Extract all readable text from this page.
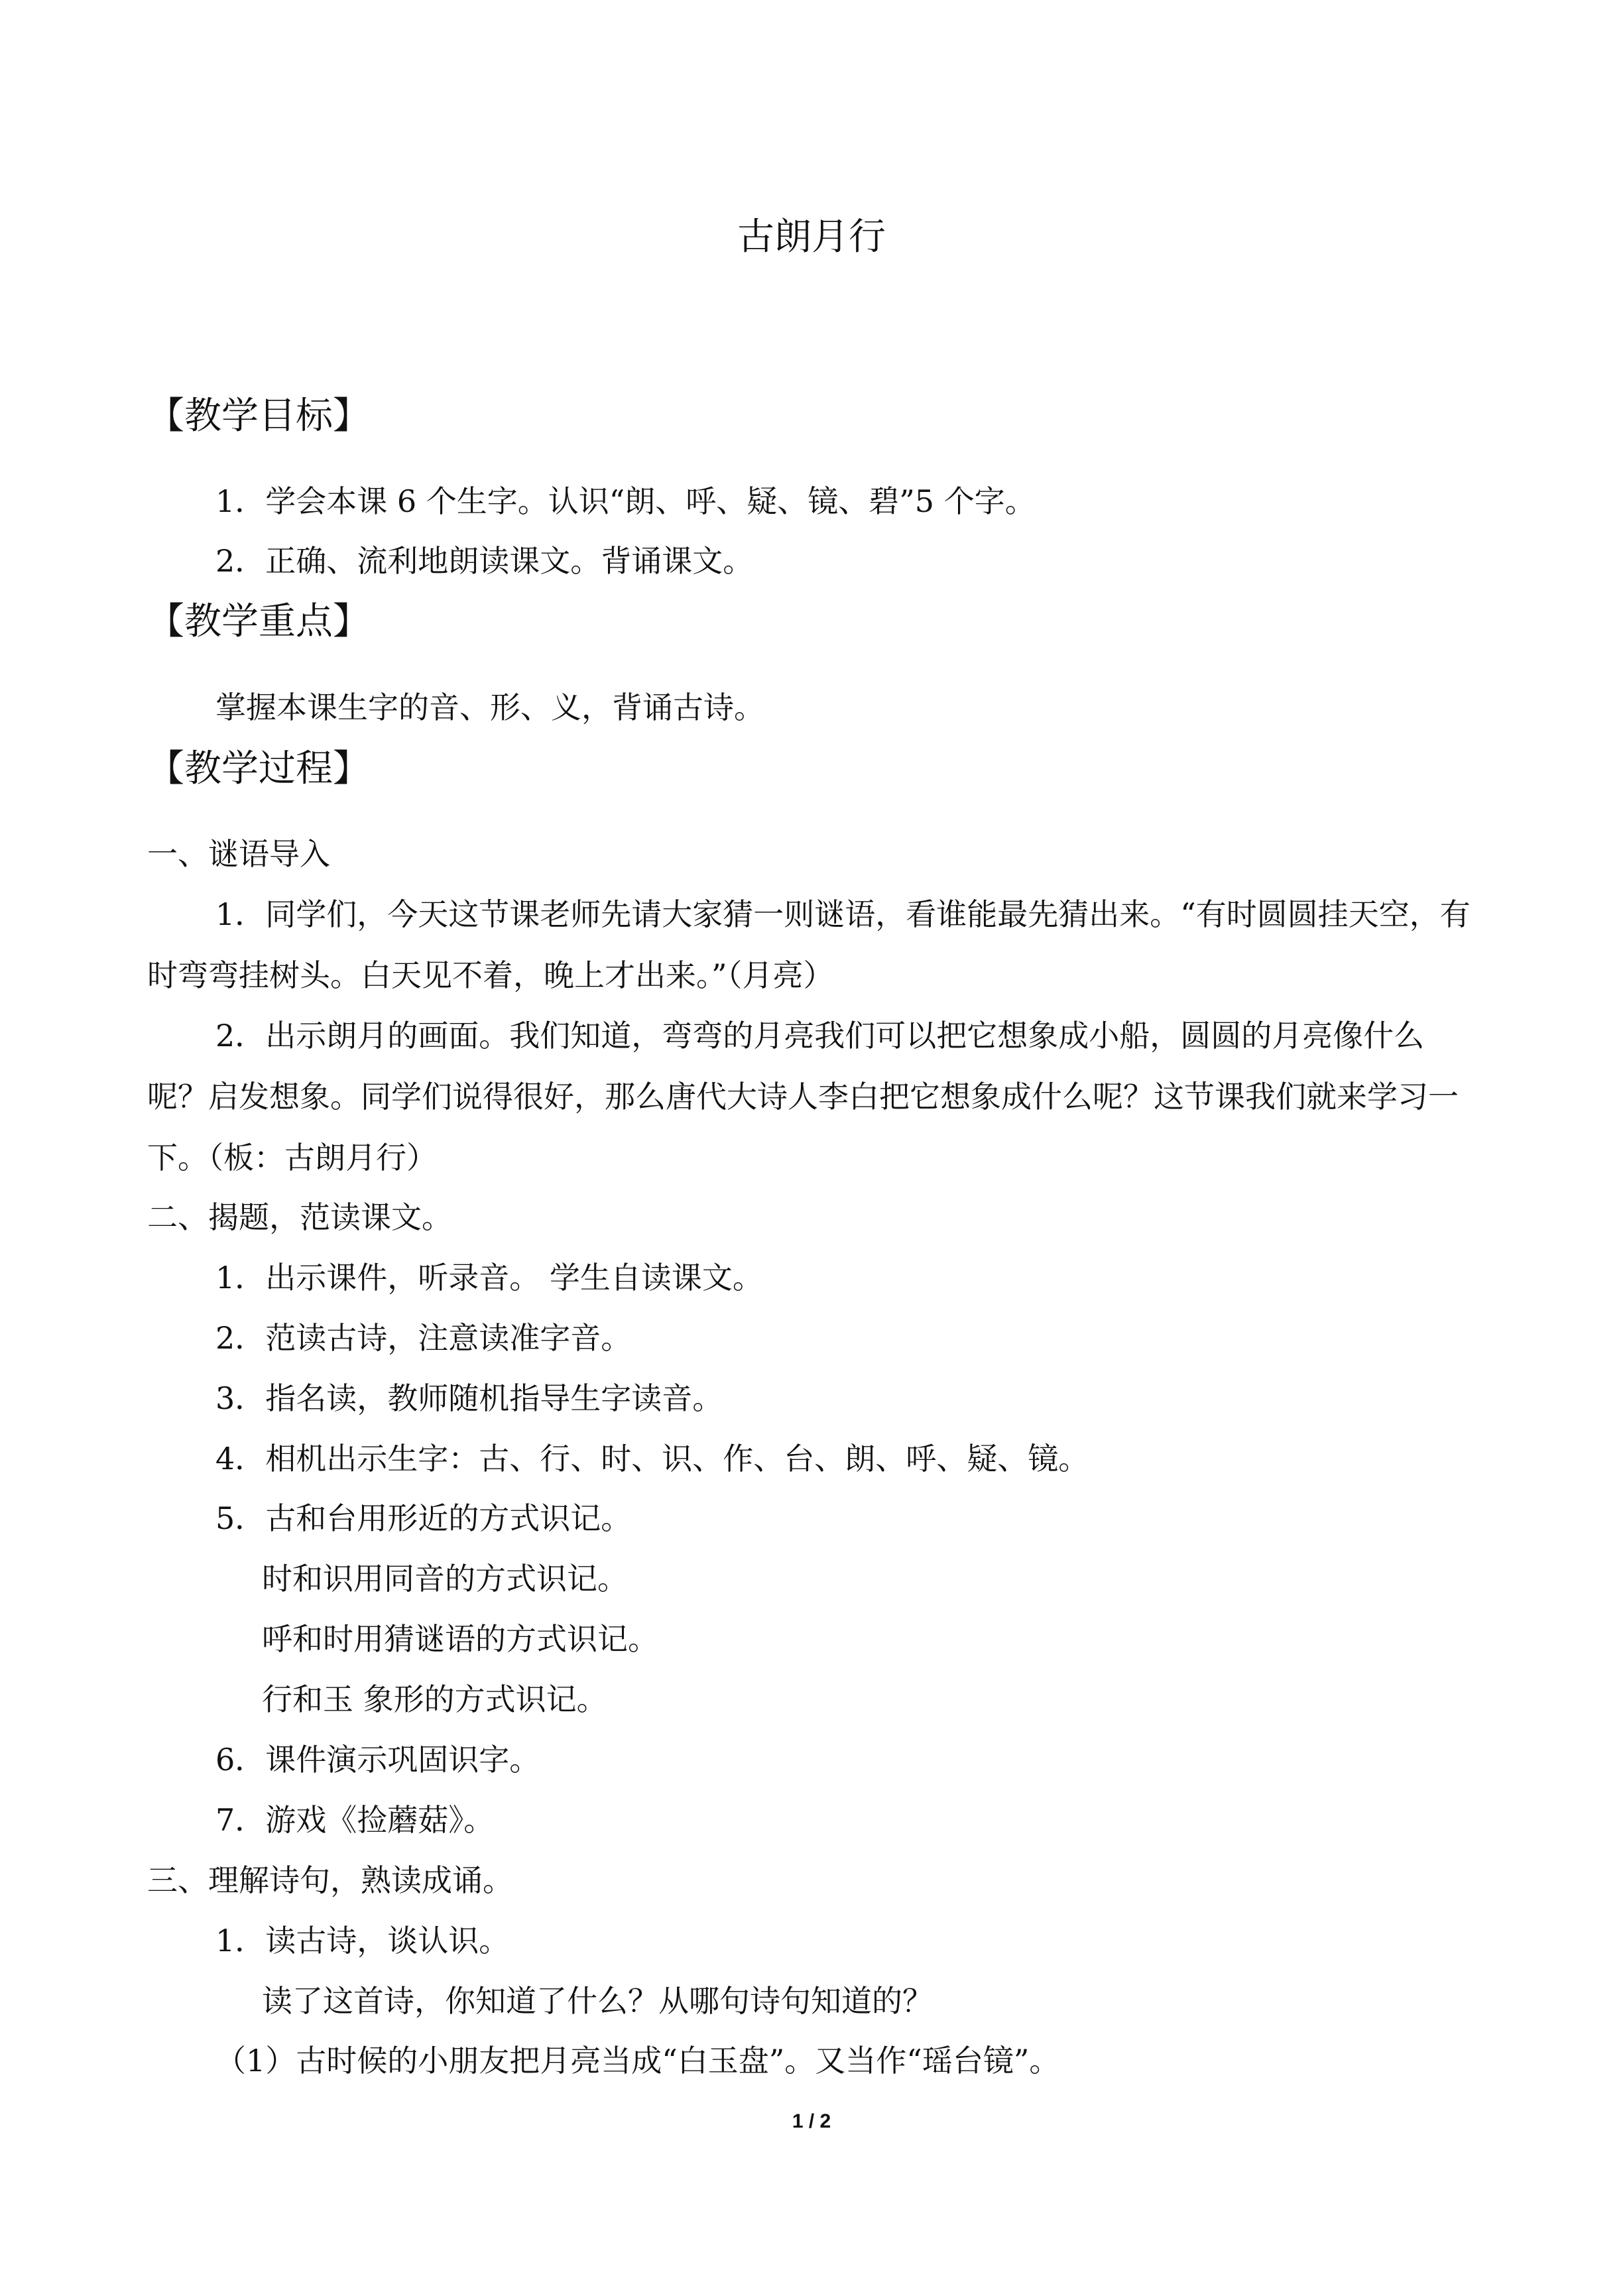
古朗月行
【教学目标】
1．学会本课 6 个生字。认识“朗、呼、疑、镜、碧”5 个字。
2．正确、流利地朗读课文。背诵课文。
【教学重点】
掌握本课生字的音、形、义，背诵古诗。
【教学过程】
一、谜语导入
1．同学们，今天这节课老师先请大家猜一则谜语，看谁能最先猜出来。“有时圆圆挂天空，有时弯弯挂树头。白天见不着，晚上才出来。”（月亮）
2．出示朗月的画面。我们知道，弯弯的月亮我们可以把它想象成小船，圆圆的月亮像什么呢？启发想象。同学们说得很好，那么唐代大诗人李白把它想象成什么呢？这节课我们就来学习一下。（板：古朗月行）
二、揭题，范读课文。
1．出示课件，听录音。 学生自读课文。
2．范读古诗，注意读准字音。
3．指名读，教师随机指导生字读音。
4．相机出示生字：古、行、时、识、作、台、朗、呼、疑、镜。
5．古和台用形近的方式识记。
时和识用同音的方式识记。
呼和时用猜谜语的方式识记。
行和玉 象形的方式识记。
6．课件演示巩固识字。
7．游戏《捡蘑菇》。
三、理解诗句，熟读成诵。
1．读古诗，谈认识。
读了这首诗，你知道了什么？从哪句诗句知道的？
（1）古时候的小朋友把月亮当成“白玉盘”。又当作“瑶台镜”。
1 / 2
